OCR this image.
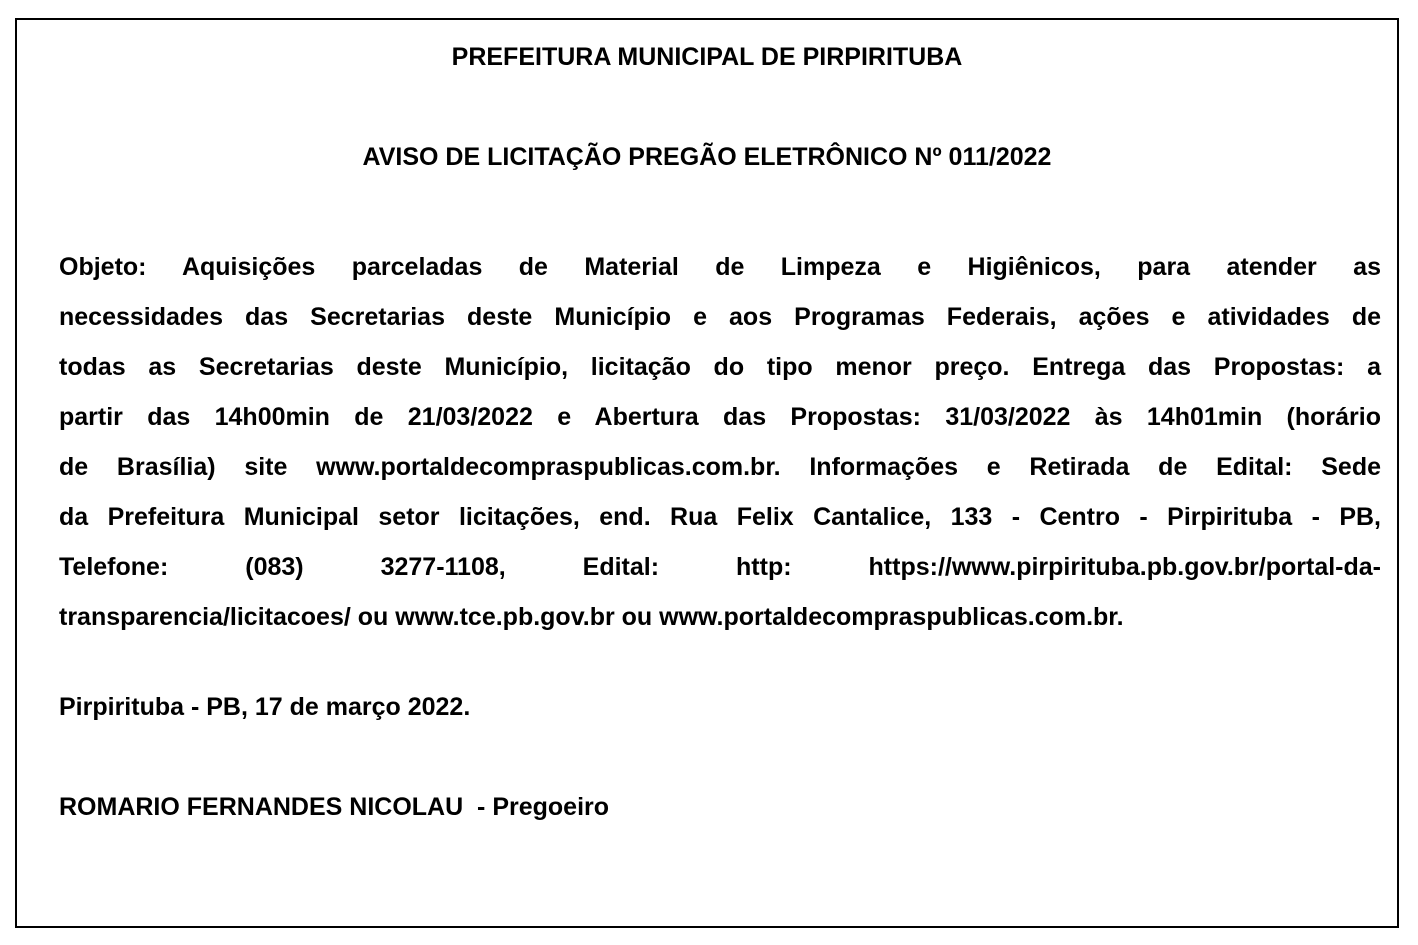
PREFEITURA MUNICIPAL DE PIRPIRITUBA

AVISO DE LICITAÇÃO PREGÃO ELETRÔNICO Nº 011/2022

Objeto: Aquisições parceladas de Material de Limpeza e Higiênicos, para atender as
necessidades das Secretarias deste Município e aos Programas Federais, ações e atividades de
todas as Secretarias deste Município, licitação do tipo menor preço. Entrega das Propostas: a
partir das 14h00min de 21/03/2022 e Abertura das Propostas: 31/03/2022 às 14h01min (horário
de Brasília) site www.portaldecompraspublicas.com.br. Informações e Retirada de Edital: Sede
da Prefeitura Municipal setor licitações, end. Rua Felix Cantalice, 133 - Centro - Pirpirituba - PB,
Telefone: (083) 3277-1108, Edital: http: https://www.pirpirituba.pb.gov.br/portal-da-
transparencia/licitacoes/ ou www.tce.pb.gov.br ou www.portaldecompraspublicas.com.br.

Pirpirituba - PB, 17 de março 2022.

ROMARIO FERNANDES NICOLAU  - Pregoeiro
